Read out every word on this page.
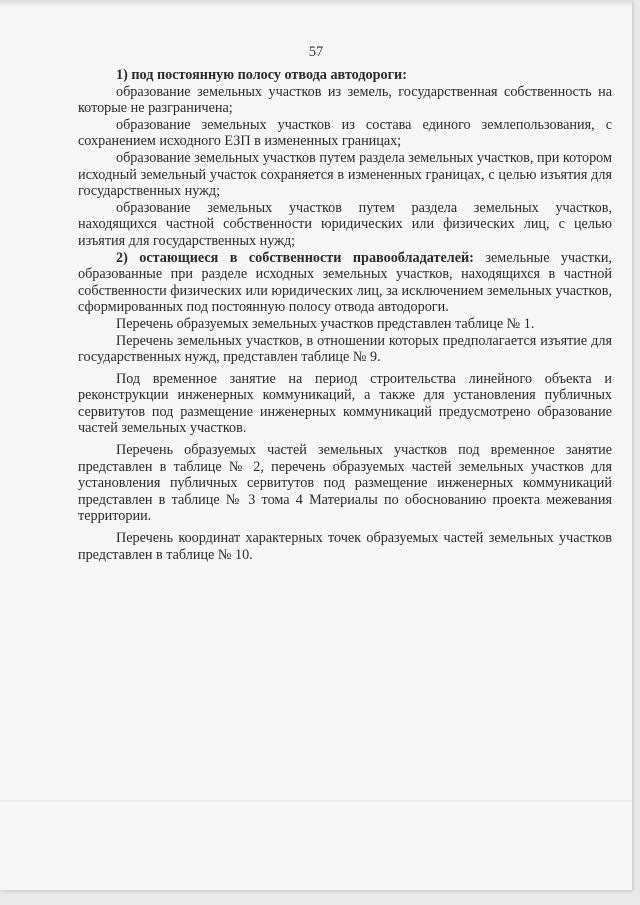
57

1) под постоянную полосу отвода автодороги:

образование земельных участков из земель, государственная собственность на которые не разграничена;

образование земельных участков из состава единого землепользования, с сохранением исходного ЕЗП в измененных границах;

образование земельных участков путем раздела земельных участков, при котором исходный земельный участок сохраняется в измененных границах, с целью изъятия для государственных нужд;

образование земельных участков путем раздела земельных участков, находящихся частной собственности юридических или физических лиц, с целью изъятия для государственных нужд;

2) остающиеся в собственности правообладателей: земельные участки, образованные при разделе исходных земельных участков, находящихся в частной собственности физических или юридических лиц, за исключением земельных участков, сформированных под постоянную полосу отвода автодороги.

Перечень образуемых земельных участков представлен таблице № 1.

Перечень земельных участков, в отношении которых предполагается изъятие для государственных нужд, представлен таблице № 9.

Под временное занятие на период строительства линейного объекта и реконструкции инженерных коммуникаций, а также для установления публичных сервитутов под размещение инженерных коммуникаций предусмотрено образование частей земельных участков.

Перечень образуемых частей земельных участков под временное занятие представлен в таблице № 2, перечень образуемых частей земельных участков для установления публичных сервитутов под размещение инженерных коммуникаций представлен в таблице № 3 тома 4 Материалы по обоснованию проекта межевания территории.

Перечень координат характерных точек образуемых частей земельных участков представлен в таблице № 10.
